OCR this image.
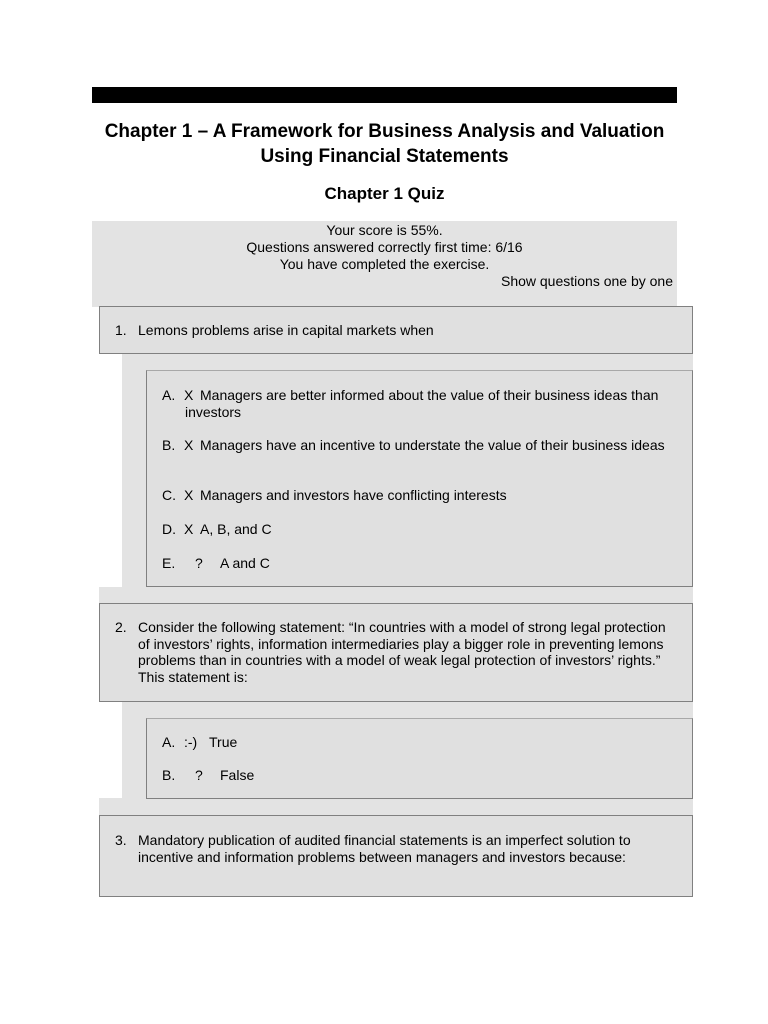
Chapter 1 – A Framework for Business Analysis and Valuation Using Financial Statements
Chapter 1 Quiz
Your score is 55%.
Questions answered correctly first time: 6/16
You have completed the exercise.
Show questions one by one
1. Lemons problems arise in capital markets when
A. X Managers are better informed about the value of their business ideas than investors
B. X Managers have an incentive to understate the value of their business ideas
C. X Managers and investors have conflicting interests
D. X A, B, and C
E. ?	A and C
2. Consider the following statement: “In countries with a model of strong legal protection of investors’ rights, information intermediaries play a bigger role in preventing lemons problems than in countries with a model of weak legal protection of investors’ rights.” This statement is:
A. :-) True
B. ?	False
3. Mandatory publication of audited financial statements is an imperfect solution to incentive and information problems between managers and investors because:
